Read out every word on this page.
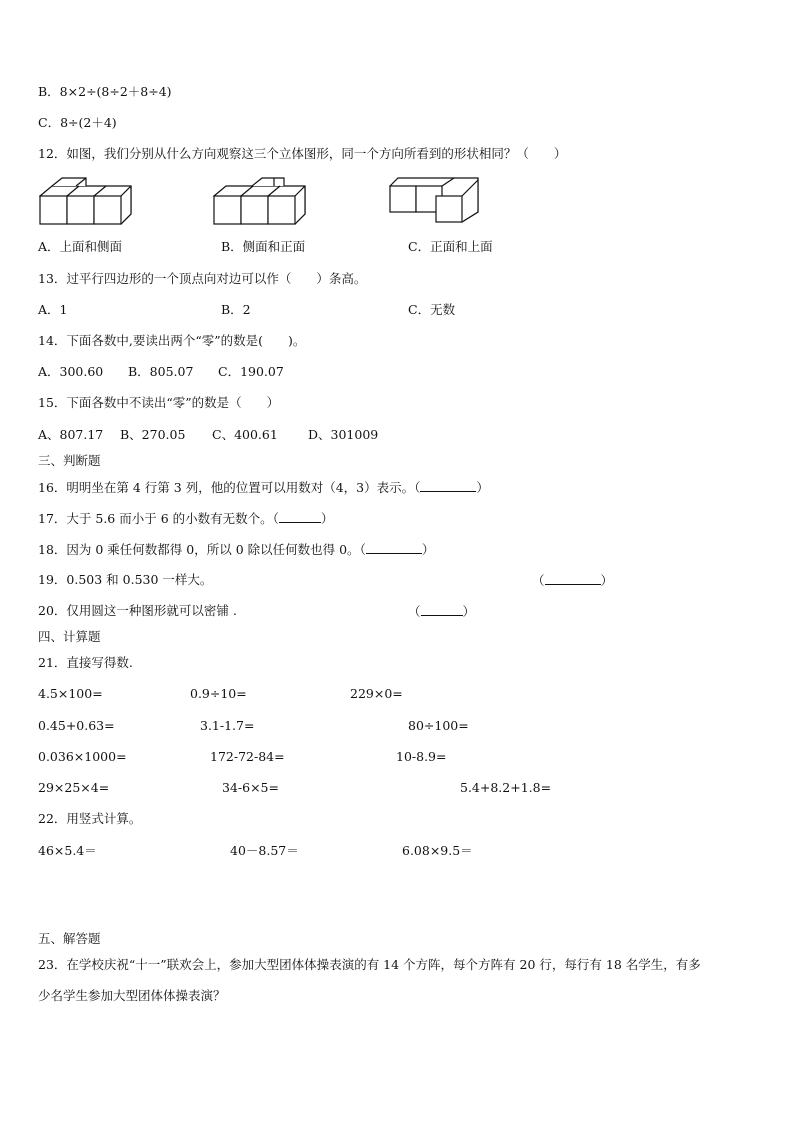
B．8×2÷(8÷2＋8÷4)
C．8÷(2＋4)
12．如图，我们分别从什么方向观察这三个立体图形，同一个方向所看到的形状相同？（　　）
A．上面和侧面	B．侧面和正面	C．正面和上面
13．过平行四边形的一个顶点向对边可以作（　　）条高。
A．1	B．2	C．无数
14．下面各数中,要读出两个“零”的数是(　　)。
A．300.60 B．805.07 C．190.07
15．下面各数中不读出“零”的数是（　　）
A、807.17 B、270.05 C、400.61 D、301009
三、判断题
16．明明坐在第 4 行第 3 列，他的位置可以用数对（4，3）表示。（	）
17．大于 5.6 而小于 6 的小数有无数个。（	）
18．因为 0 乘任何数都得 0，所以 0 除以任何数也得 0。（	）
19．0.503 和 0.530 一样大。	（	）
20．仅用圆这一种图形就可以密铺 .	（	）
四、计算题
21．直接写得数.
4.5×100=	0.9÷10=	229×0=
0.45+0.63=	3.1-1.7=	80÷100=
0.036×1000=	172-72-84=	10-8.9=
29×25×4=	34-6×5=	5.4+8.2+1.8=
22．用竖式计算。
46×5.4＝	40－8.57＝	6.08×9.5＝
五、解答题
23．在学校庆祝“十一”联欢会上，参加大型团体体操表演的有 14 个方阵，每个方阵有 20 行，每行有 18 名学生，有多
少名学生参加大型团体体操表演？
